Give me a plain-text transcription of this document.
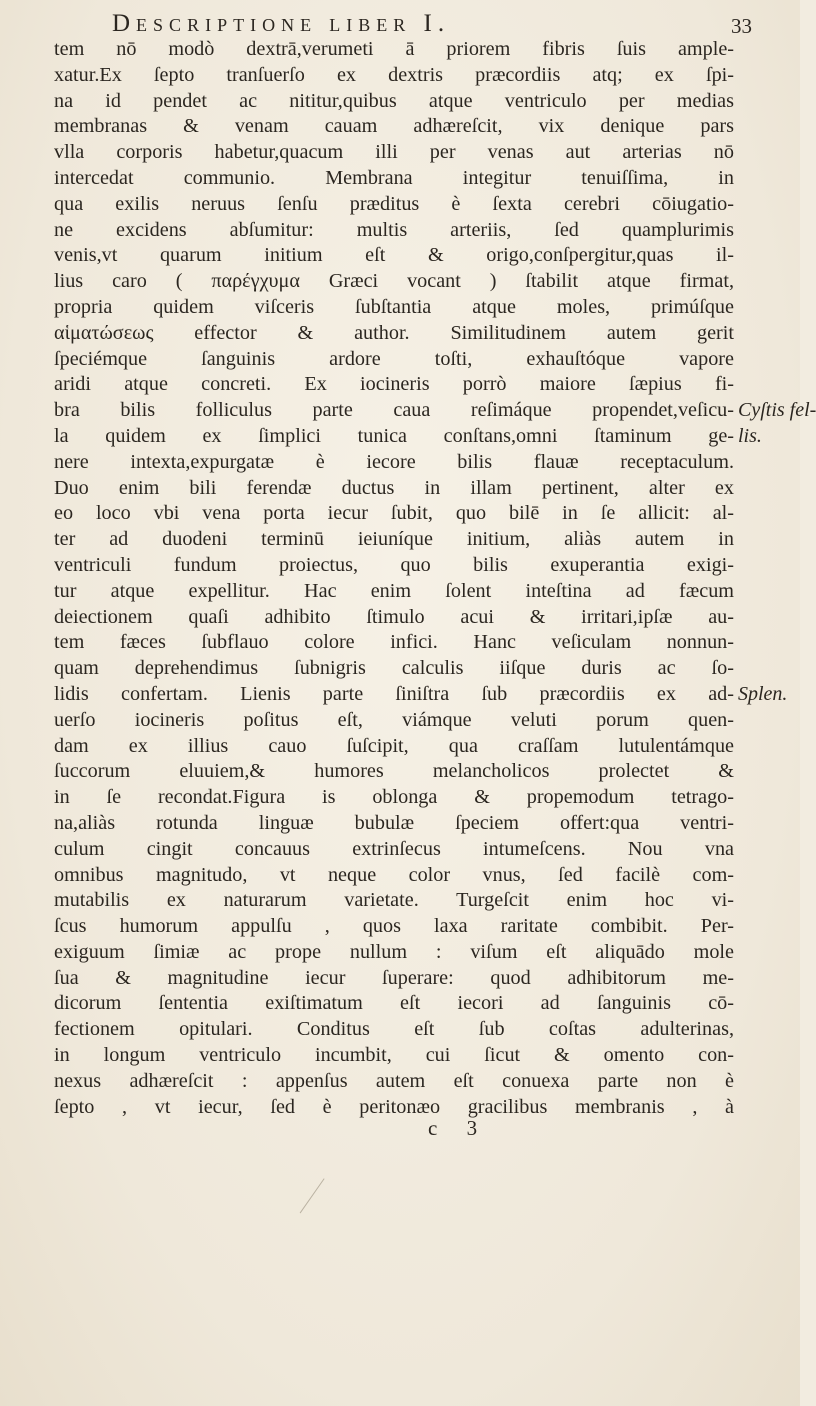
Descriptione liber I.	33
tem nō modò dextrā,verumeti ā priorem fibris ſuis ample-
xatur.Ex ſepto tranſuerſo ex dextris præcordiis atq; ex ſpi-
na id pendet ac nititur,quibus atque ventriculo per medias
membranas & venam cauam adhæreſcit, vix denique pars
vlla corporis habetur,quacum illi per venas aut arterias nō
intercedat communio. Membrana integitur tenuiſſima, in
qua exilis neruus ſenſu præditus è ſexta cerebri cōiugatio-
ne excidens abſumitur: multis arteriis, ſed quamplurimis
venis,vt quarum initium eſt & origo,conſpergitur,quas il-
lius caro ( παρέγχυμα Græci vocant ) ſtabilit atque firmat,
propria quidem viſceris ſubſtantia atque moles, primúſque
αἱματώσεως effector & author. Similitudinem autem gerit
ſpeciémque ſanguinis ardore toſti, exhauſtóque vapore
aridi atque concreti. Ex iocineris porrò maiore ſæpius fi-
bra bilis folliculus parte caua reſimáque propendet,veſicu-
la quidem ex ſimplici tunica conſtans,omni ſtaminum ge-
nere intexta,expurgatæ è iecore bilis flauæ receptaculum.
Duo enim bili ferendæ ductus in illam pertinent, alter ex
eo loco vbi vena porta iecur ſubit, quo bilē in ſe allicit: al-
ter ad duodeni terminū ieiuníque initium, aliàs autem in
ventriculi fundum proiectus, quo bilis exuperantia exigi-
tur atque expellitur. Hac enim ſolent inteſtina ad fæcum
deiectionem quaſi adhibito ſtimulo acui & irritari,ipſæ au-
tem fæces ſubflauo colore infici. Hanc veſiculam nonnun-
quam deprehendimus ſubnigris calculis iiſque duris ac ſo-
lidis confertam. Lienis parte ſiniſtra ſub præcordiis ex ad-
uerſo iocineris poſitus eſt, viámque veluti porum quen-
dam ex illius cauo ſuſcipit, qua craſſam lutulentámque
ſuccorum eluuiem,& humores melancholicos prolectet &
in ſe recondat.Figura is oblonga & propemodum tetrago-
na,aliàs rotunda linguæ bubulæ ſpeciem offert:qua ventri-
culum cingit concauus extrinſecus intumeſcens. Nou vna
omnibus magnitudo, vt neque color vnus, ſed facilè com-
mutabilis ex naturarum varietate. Turgeſcit enim hoc vi-
ſcus humorum appulſu , quos laxa raritate combibit. Per-
exiguum ſimiæ ac prope nullum : viſum eſt aliquādo mole
ſua & magnitudine iecur ſuperare: quod adhibitorum me-
dicorum ſententia exiſtimatum eſt iecori ad ſanguinis cō-
fectionem opitulari. Conditus eſt ſub coſtas adulterinas,
in longum ventriculo incumbit, cui ſicut & omento con-
nexus adhæreſcit : appenſus autem eſt conuexa parte non è
ſepto , vt iecur, ſed è peritonæo gracilibus membranis , à
Cyſtis fel-
lis.
Splen.
c 3
